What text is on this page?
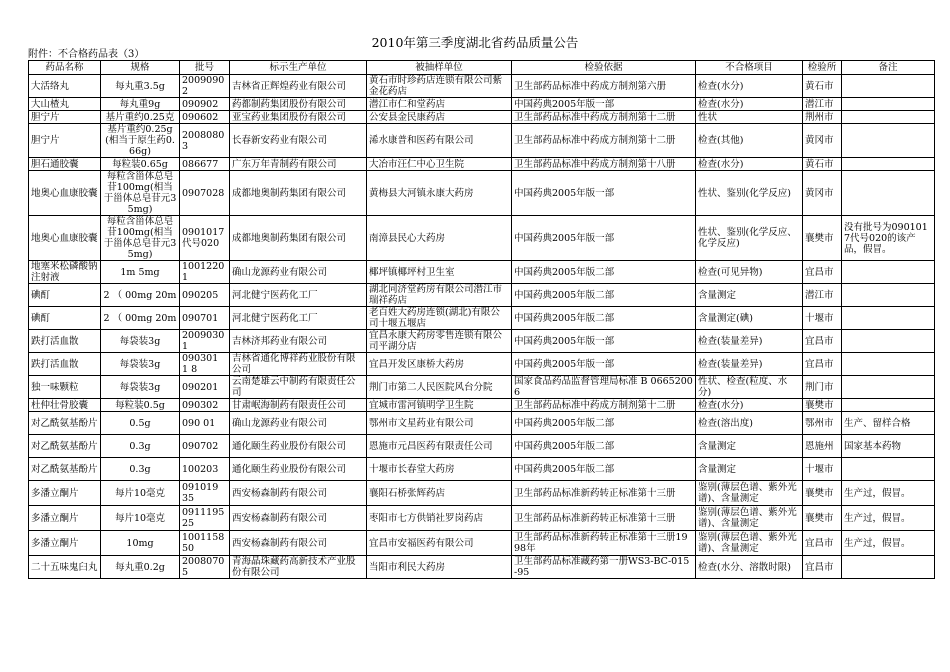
2010年第三季度湖北省药品质量公告
附件：不合格药品表（3）
药品名称	规格	批号	标示生产单位	被抽样单位	检验依据	不合格项目	检验所	备注
大活络丸	每丸重3.5g	20090902	吉林省正辉煌药业有限公司	黄石市时珍药店连锁有限公司紫金花药店	卫生部药品标准中药成方制剂第六册	检查(水分)	黄石市	
大山楂丸	每丸重9g	090902	药都制药集团股份有限公司	潜江市仁和堂药店	中国药典2005年版一部	检查(水分)	潜江市	
胆宁片	基片重约0.25克	090602	亚宝药业集团股份有限公司	公安县金民康药店	卫生部药品标准中药成方制剂第十二册	性状	荆州市	
胆宁片	基片重约0.25g(相当于原生药0.66g)	20080803	长春新安药业有限公司	浠水康普和医药有限公司	卫生部药品标准中药成方制剂第十二册	检查(其他)	黄冈市	
胆石通胶囊	每粒装0.65g	086677	广东万年青制药有限公司	大冶市汪仁中心卫生院	卫生部药品标准中药成方制剂第十八册	检查(水分)	黄石市	
地奥心血康胶囊	每粒含甾体总皂苷100mg(相当于甾体总皂苷元35mg)	0907028	成都地奥制药集团有限公司	黄梅县大河镇永康大药房	中国药典2005年版一部	性状、鉴别(化学反应)	黄冈市	
地奥心血康胶囊	每粒含甾体总皂苷100mg(相当于甾体总皂苷元35mg)	0901017代号020	成都地奥制药集团有限公司	南漳县民心大药房	中国药典2005年版一部	性状、鉴别(化学反应、化学反应)	襄樊市	没有批号为0901017代号020的该产品，假冒。
地塞米松磷酸钠注射液	1m 5mg	10012201	确山龙源药业有限公司	椰坪镇椰坪村卫生室	中国药典2005年版二部	检查(可见异物)	宜昌市	
碘酊	2 （ 00mg 20m	090205	河北健宁医药化工厂	湖北同济堂药房有限公司潜江市瑞祥药店	中国药典2005年版二部	含量测定	潜江市	
碘酊	2 （ 00mg 20m	090701	河北健宁医药化工厂	老百姓大药房连锁(湖北)有限公司十堰五堰店	中国药典2005年版二部	含量测定(碘)	十堰市	
跌打活血散	每袋装3g	20090301	吉林济邦药业有限公司	宜昌永康大药房零售连锁有限公司平湖分店	中国药典2005年版一部	检查(装量差异)	宜昌市	
跌打活血散	每袋装3g	090301 1 8	吉林省通化博祥药业股份有限公司	宜昌开发区康桥大药房	中国药典2005年版一部	检查(装量差异)	宜昌市	
独一味颗粒	每袋装3g	090201	云南楚雄云中制药有限责任公司	荆门市第二人民医院风台分院	国家食品药品监督管理局标准 B 06652006	性状、检查(粒度、水分)	荆门市	
杜仲壮骨胶囊	每粒装0.5g	090302	甘肃岷海制药有限责任公司	宜城市雷河镇明学卫生院	卫生部药品标准中药成方制剂第十二册	检查(水分)	襄樊市	
对乙酰氨基酚片	0.5g	090 01	确山龙源药业有限公司	鄂州市文星药业有限公司	中国药典2005年版二部	检查(溶出度)	鄂州市	生产、留样合格
对乙酰氨基酚片	0.3g	090702	通化颐生药业股份有限公司	恩施市元昌医药有限责任公司	中国药典2005年版二部	含量测定	恩施州	国家基本药物
对乙酰氨基酚片	0.3g	100203	通化颐生药业股份有限公司	十堰市长春堂大药房	中国药典2005年版二部	含量测定	十堰市	
多潘立酮片	每片10毫克	091019 35	西安杨森制药有限公司	襄阳石桥张辉药店	卫生部药品标准新药转正标准第十三册	鉴别(薄层色谱、紫外光谱)、含量测定	襄樊市	生产过，假冒。
多潘立酮片	每片10毫克	091119525	西安杨森制药有限公司	枣阳市七方供销社罗岗药店	卫生部药品标准新药转正标准第十三册	鉴别(薄层色谱、紫外光谱)、含量测定	襄樊市	生产过，假冒。
多潘立酮片	10mg	100115850	西安杨森制药有限公司	宜昌市安福医药有限公司	卫生部药品标准新药转正标准第十三册1998年	鉴别(薄层色谱、紫外光谱)、含量测定	宜昌市	生产过，假冒。
二十五味鬼臼丸	每丸重0.2g	20080705	青海晶珠藏药高新技术产业股份有限公司	当阳市利民大药房	卫生部药品标准藏药第一册WS3-BC-015 -95	检查(水分、溶散时限)	宜昌市	
